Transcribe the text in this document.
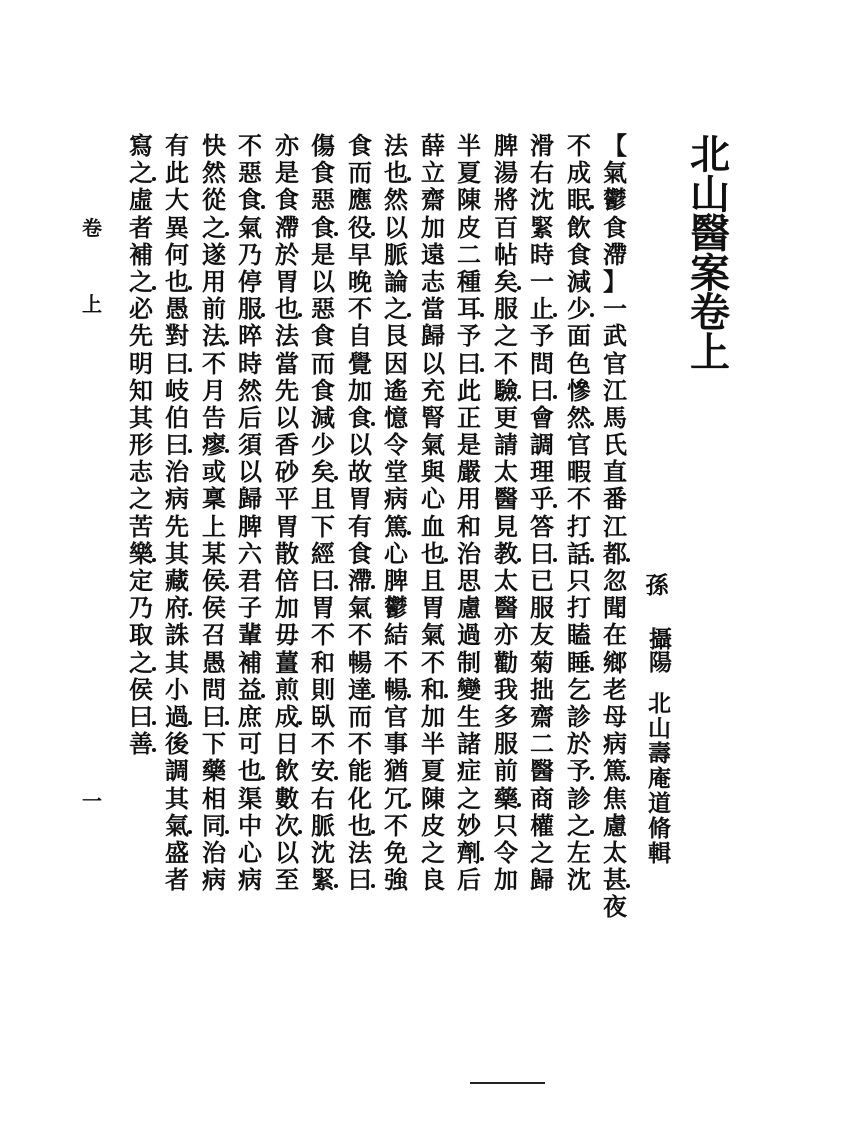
北
山
醫
案
卷
上
孫
攝陽
北山壽庵道脩輯
【
氣
鬱
食
滯
】
一
武
官
江
馬
氏
直
番
江
都
忽
聞
在
鄉
老
母
病
篤
焦
慮
太
甚
夜
不
成
眠
飲
食
減
少
面
色
慘
然
官
暇
不
打
話
只
打
瞌
睡
乞
診
於
予
診
之
左
沈
滑
右
沈
緊
時
一
止
予
問
曰
會
調
理
乎
答
曰
已
服
友
菊
拙
齋
二
醫
商
權
之
歸
脾
湯
將
百
帖
矣
服
之
不
驗
更
請
太
醫
見
教
太
醫
亦
勸
我
多
服
前
藥
只
令
加
半
夏
陳
皮
二
種
耳
予
曰
此
正
是
嚴
用
和
治
思
慮
過
制
變
生
諸
症
之
妙
劑
后
薛
立
齋
加
遠
志
當
歸
以
充
腎
氣
與
心
血
也
且
胃
氣
不
和
加
半
夏
陳
皮
之
良
法
也
然
以
脈
論
之
艮
因
遙
憶
令
堂
病
篤
心
脾
鬱
結
不
暢
官
事
猶
冗
不
免
強
食
而
應
役
早
晚
不
自
覺
加
食
以
故
胃
有
食
滯
氣
不
暢
達
而
不
能
化
也
法
曰
傷
食
惡
食
是
以
惡
食
而
食
減
少
矣
且
下
經
曰
胃
不
和
則
臥
不
安
右
脈
沈
緊
亦
是
食
滯
於
胃
也
法
當
先
以
香
砂
平
胃
散
倍
加
毋
薑
煎
成
日
飲
數
次
以
至
不
惡
食
氣
乃
停
服
晬
時
然
后
須
以
歸
脾
六
君
子
輩
補
益
庶
可
也
渠
中
心
病
快
然
從
之
遂
用
前
法
不
月
告
瘳
或
稟
上
某
侯
侯
召
愚
問
曰
下
藥
相
同
治
病
有
此
大
異
何
也
愚
對
曰
岐
伯
曰
治
病
先
其
藏
府
誅
其
小
過
後
調
其
氣
盛
者
寫
之
虛
者
補
之
必
先
明
知
其
形
志
之
苦
樂
定
乃
取
之
侯
曰
善
卷
上
一
